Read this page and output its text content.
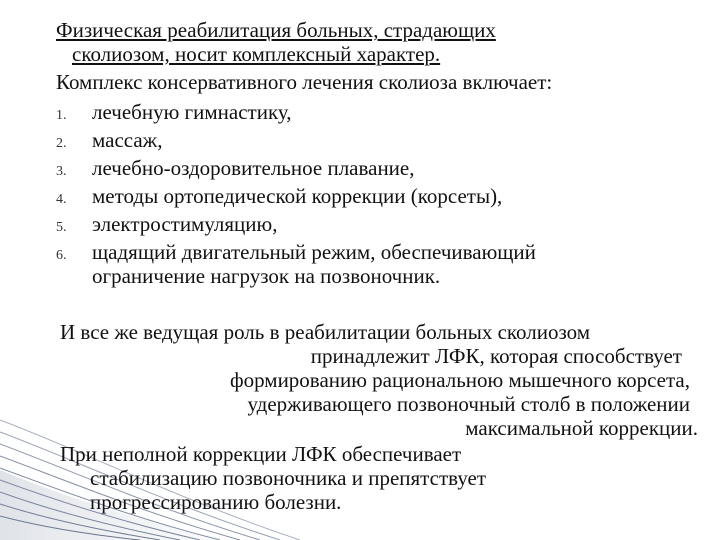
Физическая реабилитация больных, страдающих
сколиозом, носит комплексный характер.
Комплекс консервативного лечения сколиоза включает:
1.	лечебную гимнастику,
2.	массаж,
3.	лечебно-оздоровительное плавание,
4.	методы ортопедической коррекции (корсеты),
5.	электростимуляцию,
6.	щадящий двигательный режим, обеспечивающий
ограничение нагрузок на позвоночник.
И все же ведущая роль в реабилитации больных сколиозом
принадлежит ЛФК, которая способствует
формированию рациональною мышечного корсета,
удерживающего позвоночный столб в положении
максимальной коррекции.
При неполной коррекции ЛФК обеспечивает
стабилизацию позвоночника и препятствует
прогрессированию болезни.
